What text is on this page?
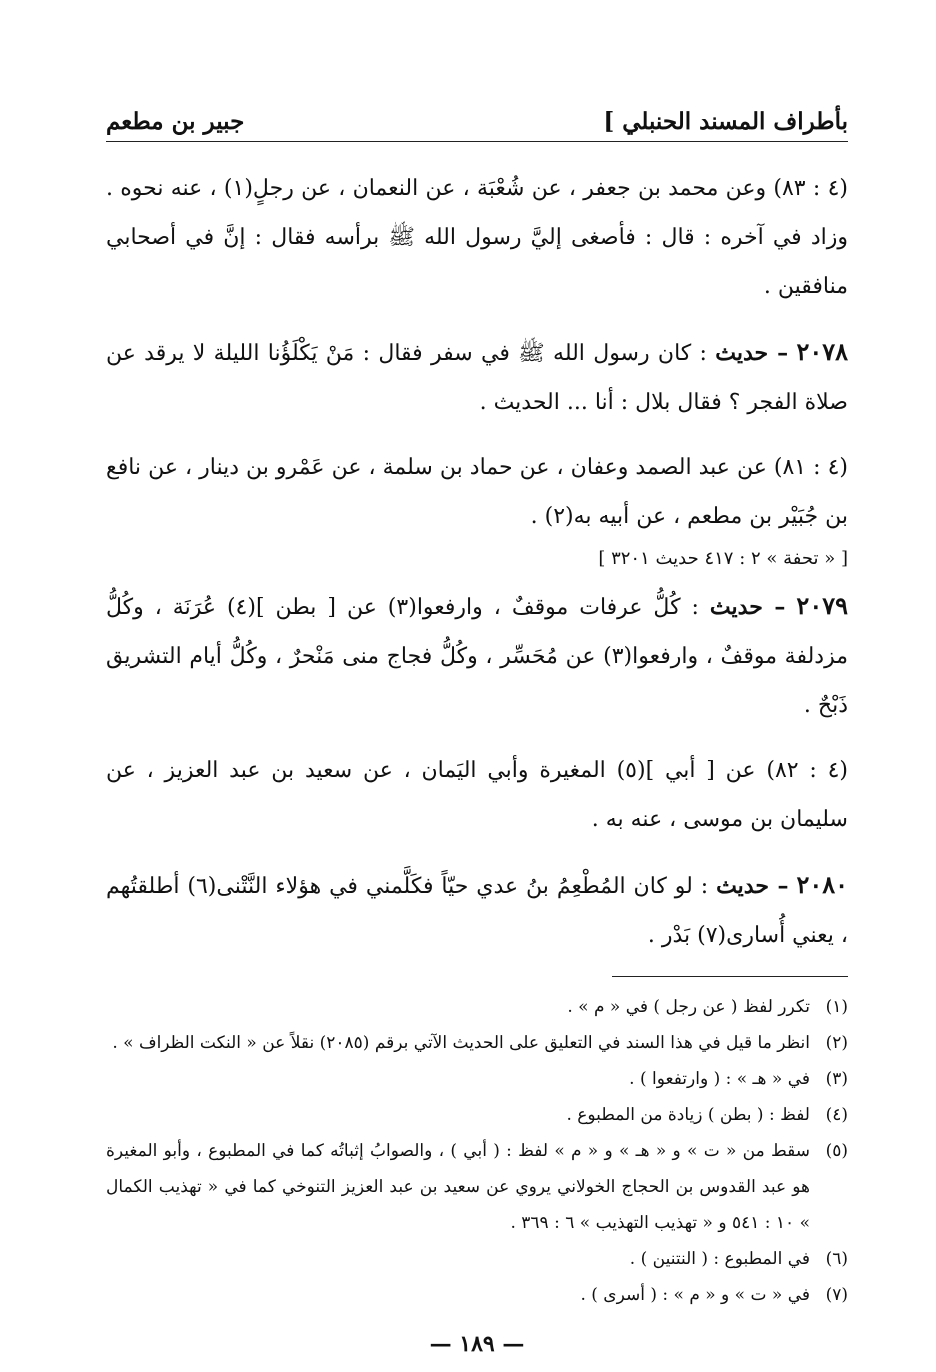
بأطراف المسند الحنبلي ]
جبير بن مطعم

(٤ : ٨٣) وعن محمد بن جعفر ، عن شُعْبَة ، عن النعمان ، عن رجلٍ(١) ، عنه نحوه . وزاد في آخره : قال : فأصغى إليَّ رسول الله ﷺ برأسه فقال : إنَّ في أصحابي منافقين .

٢٠٧٨ – حديث : كان رسول الله ﷺ في سفر فقال : مَنْ يَكْلَؤُنا الليلة لا يرقد عن صلاة الفجر ؟ فقال بلال : أنا ... الحديث .

(٤ : ٨١) عن عبد الصمد وعفان ، عن حماد بن سلمة ، عن عَمْرو بن دينار ، عن نافع بن جُبَيْر بن مطعم ، عن أبيه به(٢) .

[ « تحفة » ٢ : ٤١٧ حديث ٣٢٠١ ]

٢٠٧٩ – حديث : كُلُّ عرفات موقفٌ ، وارفعوا(٣) عن [ بطن ](٤) عُرَنَة ، وكُلُّ مزدلفة موقفٌ ، وارفعوا(٣) عن مُحَسِّر ، وكُلُّ فجاج منى مَنْحرٌ ، وكُلُّ أيام التشريق ذَبْحٌ .

(٤ : ٨٢) عن [ أبي ](٥) المغيرة وأبي اليَمان ، عن سعيد بن عبد العزيز ، عن سليمان بن موسى ، عنه به .

٢٠٨٠ – حديث : لو كان المُطْعِمُ بنُ عدي حيّاً فكَلَّمني في هؤلاء النَّتْنى(٦) أطلقتُهم ، يعني أُسارى(٧) بَدْر .

(١)
تكرر لفظ ( عن رجل ) في « م » .
(٢)
انظر ما قيل في هذا السند في التعليق على الحديث الآتي برقم (٢٠٨٥) نقلاً عن « النكت الظراف » .
(٣)
في « هـ » : ( وارتفعوا ) .
(٤)
لفظ : ( بطن ) زيادة من المطبوع .
(٥)
سقط من « ت » و « هـ » و « م » لفظ : ( أبي ) ، والصوابُ إثباتُه كما في المطبوع ، وأبو المغيرة هو عبد القدوس بن الحجاج الخولاني يروي عن سعيد بن عبد العزيز التنوخي كما في « تهذيب الكمال » ١٠ : ٥٤١ و « تهذيب التهذيب » ٦ : ٣٦٩ .
(٦)
في المطبوع : ( النتنين ) .
(٧)
في « ت » و « م » : ( أسرى ) .
— ١٨٩ —
